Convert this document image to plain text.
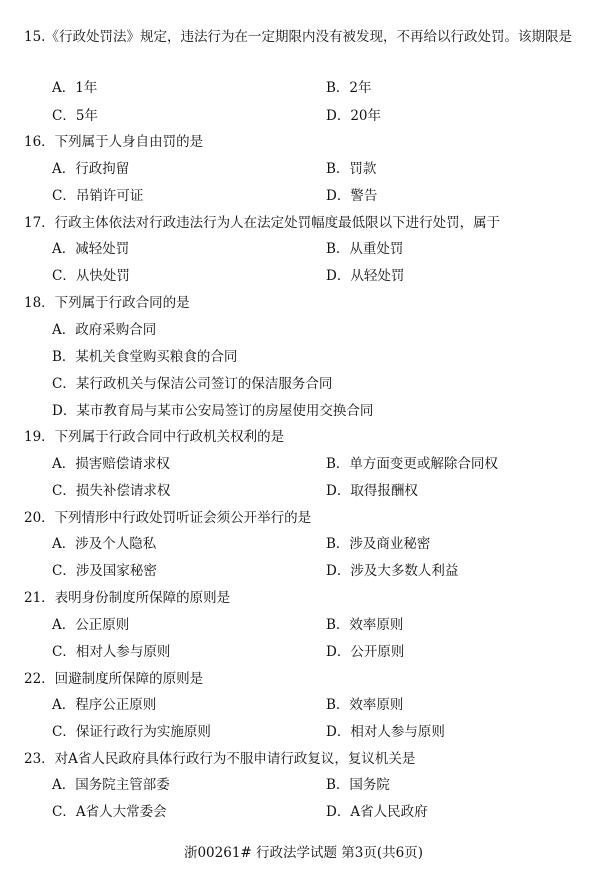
15.《行政处罚法》规定，违法行为在一定期限内没有被发现，不再给以行政处罚。该期限是
A．1年	B．2年
C．5年	D．20年
16．下列属于人身自由罚的是
A．行政拘留	B．罚款
C．吊销许可证	D．警告
17．行政主体依法对行政违法行为人在法定处罚幅度最低限以下进行处罚，属于
A．减轻处罚	B．从重处罚
C．从快处罚	D．从轻处罚
18．下列属于行政合同的是
A．政府采购合同
B．某机关食堂购买粮食的合同
C．某行政机关与保洁公司签订的保洁服务合同
D．某市教育局与某市公安局签订的房屋使用交换合同
19．下列属于行政合同中行政机关权利的是
A．损害赔偿请求权	B．单方面变更或解除合同权
C．损失补偿请求权	D．取得报酬权
20．下列情形中行政处罚听证会须公开举行的是
A．涉及个人隐私	B．涉及商业秘密
C．涉及国家秘密	D．涉及大多数人利益
21．表明身份制度所保障的原则是
A．公正原则	B．效率原则
C．相对人参与原则	D．公开原则
22．回避制度所保障的原则是
A．程序公正原则	B．效率原则
C．保证行政行为实施原则	D．相对人参与原则
23．对A省人民政府具体行政行为不服申请行政复议，复议机关是
A．国务院主管部委	B．国务院
C．A省人大常委会	D．A省人民政府
浙00261# 行政法学试题 第3页(共6页)
